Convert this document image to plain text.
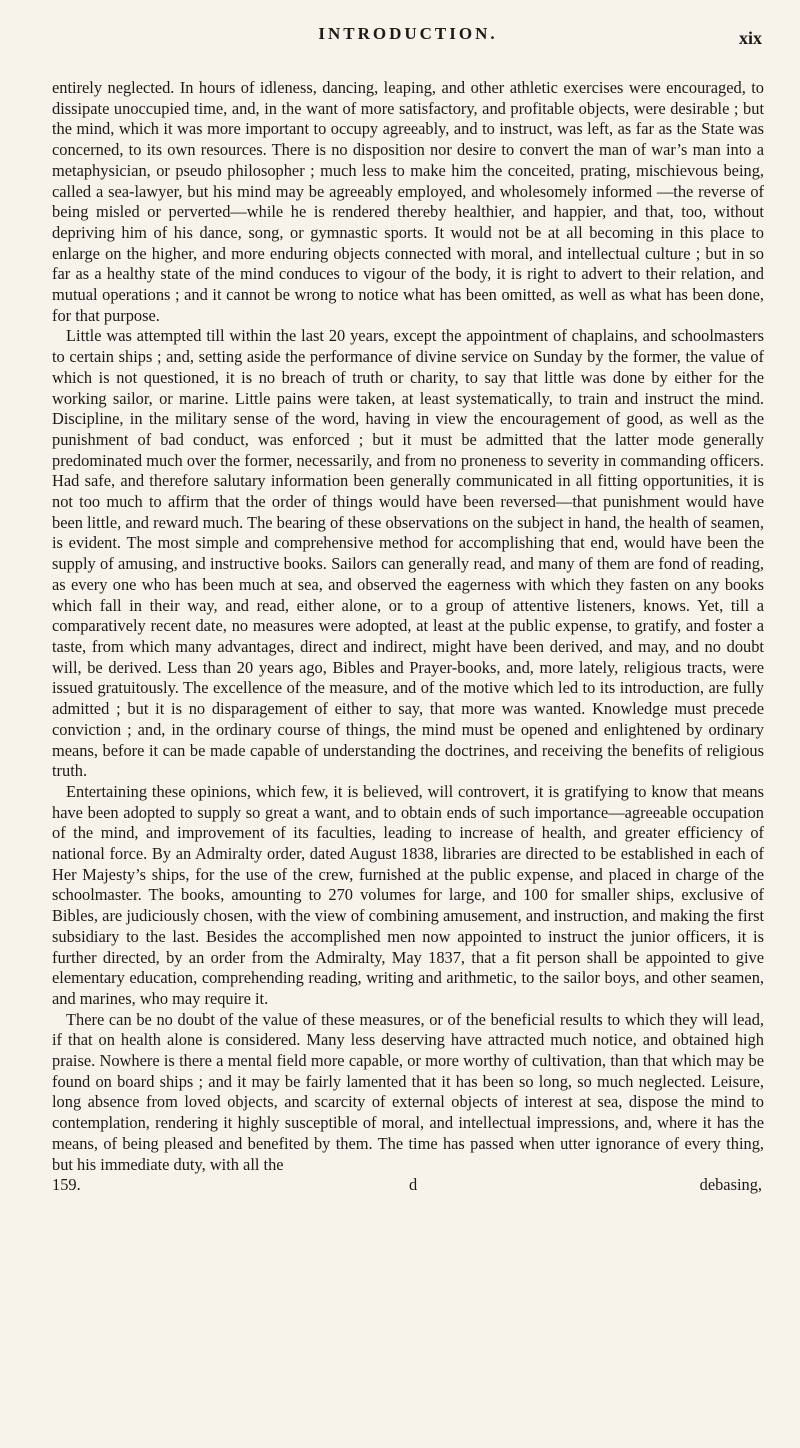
INTRODUCTION.	xix

entirely neglected. In hours of idleness, dancing, leaping, and other athletic exercises were encouraged, to dissipate unoccupied time, and, in the want of more satisfactory, and profitable objects, were desirable ; but the mind, which it was more important to occupy agreeably, and to instruct, was left, as far as the State was concerned, to its own resources. There is no disposition nor desire to convert the man of war’s man into a metaphysician, or pseudo philosopher ; much less to make him the conceited, prating, mischievous being, called a sea-lawyer, but his mind may be agreeably employed, and wholesomely informed —the reverse of being misled or perverted—while he is rendered thereby healthier, and happier, and that, too, without depriving him of his dance, song, or gymnastic sports. It would not be at all becoming in this place to enlarge on the higher, and more enduring objects connected with moral, and intellectual culture ; but in so far as a healthy state of the mind conduces to vigour of the body, it is right to advert to their relation, and mutual operations ; and it cannot be wrong to notice what has been omitted, as well as what has been done, for that purpose.

Little was attempted till within the last 20 years, except the appointment of chaplains, and schoolmasters to certain ships ; and, setting aside the performance of divine service on Sunday by the former, the value of which is not questioned, it is no breach of truth or charity, to say that little was done by either for the working sailor, or marine. Little pains were taken, at least systematically, to train and instruct the mind. Discipline, in the military sense of the word, having in view the encouragement of good, as well as the punishment of bad conduct, was enforced ; but it must be admitted that the latter mode generally predominated much over the former, necessarily, and from no proneness to severity in commanding officers. Had safe, and therefore salutary information been generally communicated in all fitting opportunities, it is not too much to affirm that the order of things would have been reversed—that punishment would have been little, and reward much. The bearing of these observations on the subject in hand, the health of seamen, is evident. The most simple and comprehensive method for accomplishing that end, would have been the supply of amusing, and instructive books. Sailors can generally read, and many of them are fond of reading, as every one who has been much at sea, and observed the eagerness with which they fasten on any books which fall in their way, and read, either alone, or to a group of attentive listeners, knows. Yet, till a comparatively recent date, no measures were adopted, at least at the public expense, to gratify, and foster a taste, from which many advantages, direct and indirect, might have been derived, and may, and no doubt will, be derived. Less than 20 years ago, Bibles and Prayer-books, and, more lately, religious tracts, were issued gratuitously. The excellence of the measure, and of the motive which led to its introduction, are fully admitted ; but it is no disparagement of either to say, that more was wanted. Knowledge must precede conviction ; and, in the ordinary course of things, the mind must be opened and enlightened by ordinary means, before it can be made capable of understanding the doctrines, and receiving the benefits of religious truth.

Entertaining these opinions, which few, it is believed, will controvert, it is gratifying to know that means have been adopted to supply so great a want, and to obtain ends of such importance—agreeable occupation of the mind, and improvement of its faculties, leading to increase of health, and greater efficiency of national force. By an Admiralty order, dated August 1838, libraries are directed to be established in each of Her Majesty’s ships, for the use of the crew, furnished at the public expense, and placed in charge of the schoolmaster. The books, amounting to 270 volumes for large, and 100 for smaller ships, exclusive of Bibles, are judiciously chosen, with the view of combining amusement, and instruction, and making the first subsidiary to the last. Besides the accomplished men now appointed to instruct the junior officers, it is further directed, by an order from the Admiralty, May 1837, that a fit person shall be appointed to give elementary education, comprehending reading, writing and arithmetic, to the sailor boys, and other seamen, and marines, who may require it.

There can be no doubt of the value of these measures, or of the beneficial results to which they will lead, if that on health alone is considered. Many less deserving have attracted much notice, and obtained high praise. Nowhere is there a mental field more capable, or more worthy of cultivation, than that which may be found on board ships ; and it may be fairly lamented that it has been so long, so much neglected. Leisure, long absence from loved objects, and scarcity of external objects of interest at sea, dispose the mind to contemplation, rendering it highly susceptible of moral, and intellectual impressions, and, where it has the means, of being pleased and benefited by them. The time has passed when utter ignorance of every thing, but his immediate duty, with all the

159.	d	debasing,
